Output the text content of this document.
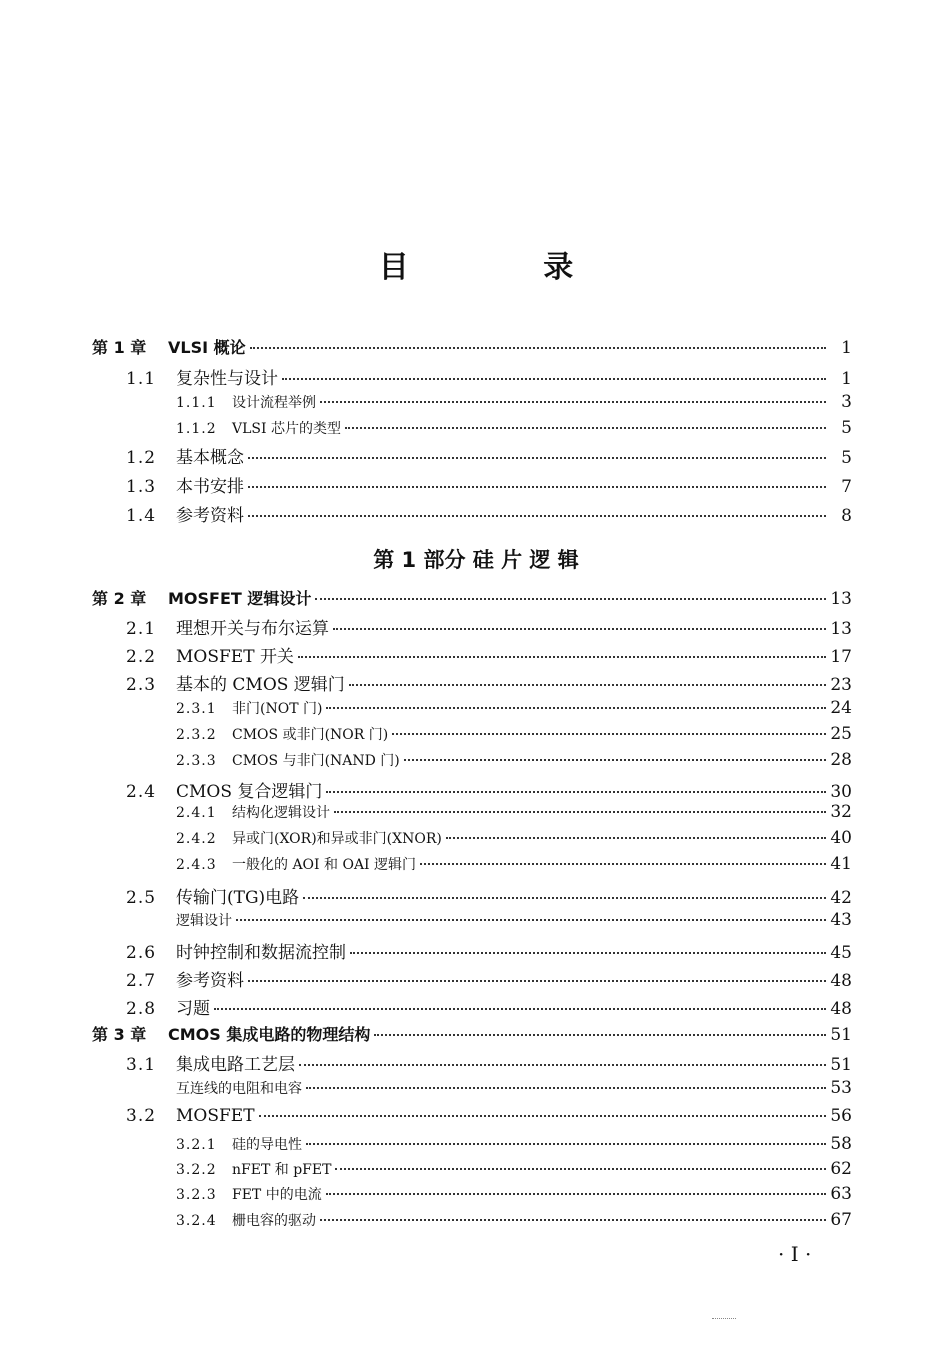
目 录
第 1 章	VLSI 概论	1
1.1	复杂性与设计	1
1.1.1	设计流程举例	3
1.1.2	VLSI 芯片的类型	5
1.2	基本概念	5
1.3	本书安排	7
1.4	参考资料	8
第 2 章	MOSFET 逻辑设计	13
2.1	理想开关与布尔运算	13
2.2	MOSFET 开关	17
2.3	基本的 CMOS 逻辑门	23
2.3.1	非门(NOT 门)	24
2.3.2	CMOS 或非门(NOR 门)	25
2.3.3	CMOS 与非门(NAND 门)	28
2.4	CMOS 复合逻辑门	30
2.4.1	结构化逻辑设计	32
2.4.2	异或门(XOR)和异或非门(XNOR)	40
2.4.3	一般化的 AOI 和 OAI 逻辑门	41
2.5	传输门(TG)电路	42
逻辑设计	43
2.6	时钟控制和数据流控制	45
2.7	参考资料	48
2.8	习题	48
第 3 章	CMOS 集成电路的物理结构	51
3.1	集成电路工艺层	51
互连线的电阻和电容	53
3.2	MOSFET	56
3.2.1	硅的导电性	58
3.2.2	nFET 和 pFET	62
3.2.3	FET 中的电流	63
3.2.4	栅电容的驱动	67
第 1 部分 硅 片 逻 辑
· I ·
